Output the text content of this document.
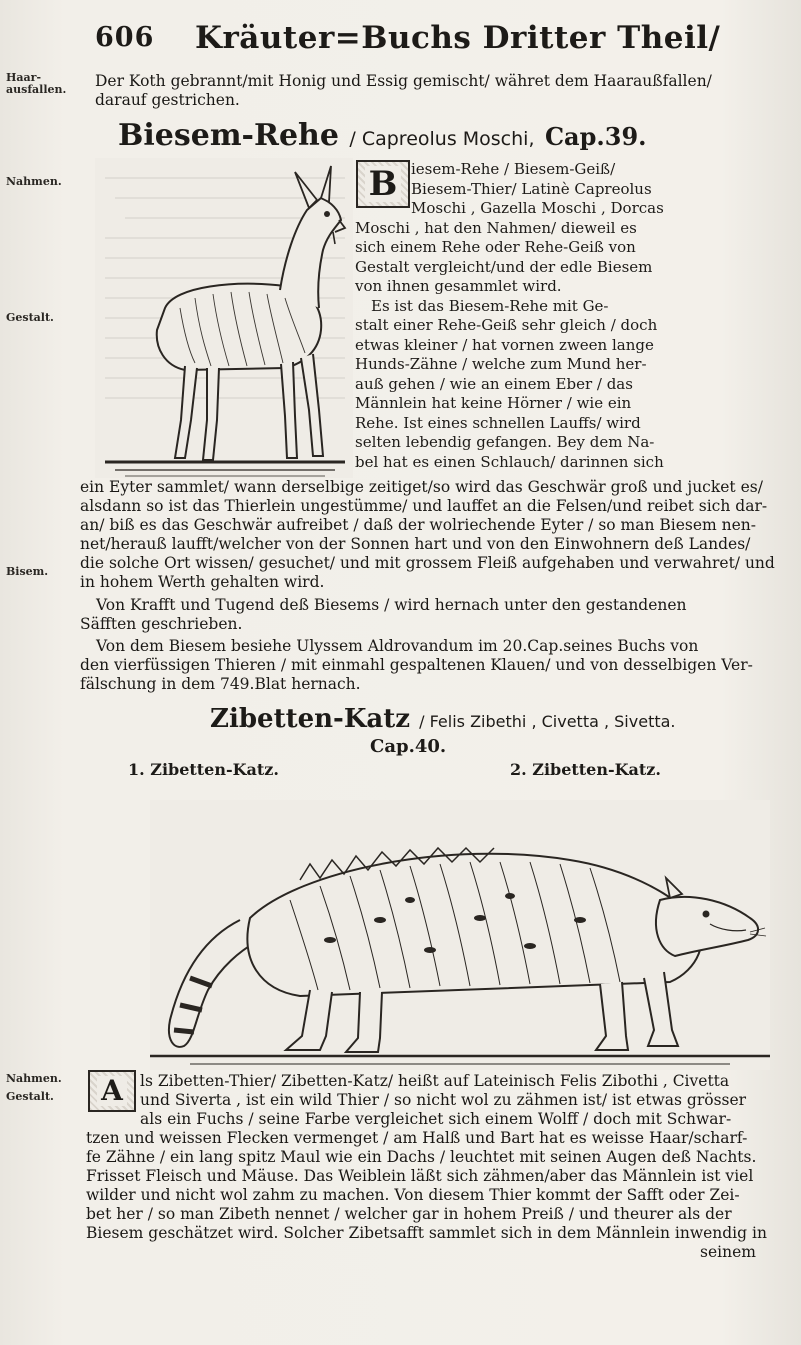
606 Kräuter=Buchs Dritter Theil/
Haar-
ausfallen.
Nahmen.
Gestalt.
Bisem.
Nahmen.
Gestalt.
Der Koth gebrannt/mit Honig und Essig gemischt/ währet dem Haaraußfallen/
darauf gestrichen.
Biesem-Rehe / Capreolus Moschi, Cap.39.
B iesem-Rehe / Biesem-Geiß/
Biesem-Thier/ Latinè Capreolus
Moschi , Gazella Moschi , Dorcas
Moschi , hat den Nahmen/ dieweil es
sich einem Rehe oder Rehe-Geiß von
Gestalt vergleicht/und der edle Biesem
von ihnen gesammlet wird.
Es ist das Biesem-Rehe mit Ge-
stalt einer Rehe-Geiß sehr gleich / doch
etwas kleiner / hat vornen zween lange
Hunds-Zähne / welche zum Mund her-
auß gehen / wie an einem Eber / das
Männlein hat keine Hörner / wie ein
Rehe. Ist eines schnellen Lauffs/ wird
selten lebendig gefangen. Bey dem Na-
bel hat es einen Schlauch/ darinnen sich
ein Eyter sammlet/ wann derselbige zeitiget/so wird das Geschwär groß und jucket es/
alsdann so ist das Thierlein ungestümme/ und lauffet an die Felsen/und reibet sich dar-
an/ biß es das Geschwär aufreibet / daß der wolriechende Eyter / so man Biesem nen-
net/herauß laufft/welcher von der Sonnen hart und von den Einwohnern deß Landes/
die solche Ort wissen/ gesuchet/ und mit grossem Fleiß aufgehaben und verwahret/ und
in hohem Werth gehalten wird.
Von Krafft und Tugend deß Biesems / wird hernach unter den gestandenen
Säfften geschrieben.
Von dem Biesem besiehe Ulyssem Aldrovandum im 20.Cap.seines Buchs von
den vierfüssigen Thieren / mit einmahl gespaltenen Klauen/ und von desselbigen Ver-
fälschung in dem 749.Blat hernach.
Zibetten-Katz / Felis Zibethi , Civetta , Sivetta.
Cap.40.
1. Zibetten-Katz.	2. Zibetten-Katz.
A ls Zibetten-Thier/ Zibetten-Katz/ heißt auf Lateinisch Felis Zibothi , Civetta
und Siverta , ist ein wild Thier / so nicht wol zu zähmen ist/ ist etwas grösser
als ein Fuchs / seine Farbe vergleichet sich einem Wolff / doch mit Schwar-
tzen und weissen Flecken vermenget / am Halß und Bart hat es weisse Haar/scharf-
fe Zähne / ein lang spitz Maul wie ein Dachs / leuchtet mit seinen Augen deß Nachts.
Frisset Fleisch und Mäuse. Das Weiblein läßt sich zähmen/aber das Männlein ist viel
wilder und nicht wol zahm zu machen. Von diesem Thier kommt der Safft oder Zei-
bet her / so man Zibeth nennet / welcher gar in hohem Preiß / und theurer als der
Biesem geschätzet wird. Solcher Zibetsafft sammlet sich in dem Männlein inwendig in
seinem
